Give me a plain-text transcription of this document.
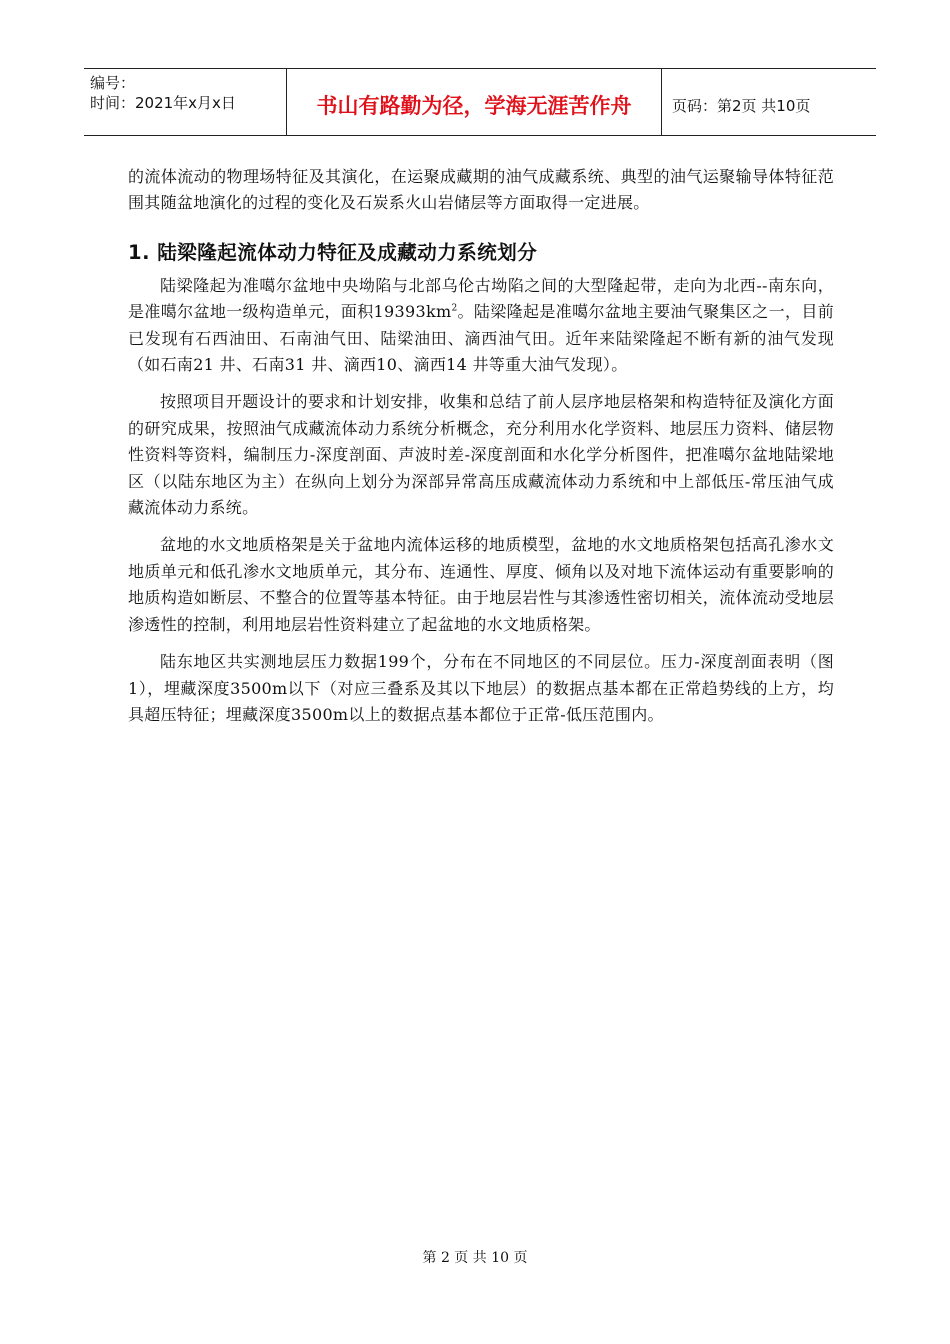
编号：
时间：2021年x月x日	书山有路勤为径，学海无涯苦作舟	页码：第2页 共10页

的流体流动的物理场特征及其演化，在运聚成藏期的油气成藏系统、典型的油气运聚输导体特征范围其随盆地演化的过程的变化及石炭系火山岩储层等方面取得一定进展。

1. 陆梁隆起流体动力特征及成藏动力系统划分

陆梁隆起为准噶尔盆地中央坳陷与北部乌伦古坳陷之间的大型隆起带，走向为北西--南东向，是准噶尔盆地一级构造单元，面积$19393km^2$。陆梁隆起是准噶尔盆地主要油气聚集区之一，目前已发现有石西油田、石南油气田、陆梁油田、滴西油气田。近年来陆梁隆起不断有新的油气发现（如石南21 井、石南31 井、滴西10、滴西14 井等重大油气发现）。

按照项目开题设计的要求和计划安排，收集和总结了前人层序地层格架和构造特征及演化方面的研究成果，按照油气成藏流体动力系统分析概念，充分利用水化学资料、地层压力资料、储层物性资料等资料，编制压力-深度剖面、声波时差-深度剖面和水化学分析图件，把准噶尔盆地陆梁地区（以陆东地区为主）在纵向上划分为深部异常高压成藏流体动力系统和中上部低压-常压油气成藏流体动力系统。

盆地的水文地质格架是关于盆地内流体运移的地质模型，盆地的水文地质格架包括高孔渗水文地质单元和低孔渗水文地质单元，其分布、连通性、厚度、倾角以及对地下流体运动有重要影响的地质构造如断层、不整合的位置等基本特征。由于地层岩性与其渗透性密切相关，流体流动受地层渗透性的控制，利用地层岩性资料建立了起盆地的水文地质格架。

陆东地区共实测地层压力数据199个，分布在不同地区的不同层位。压力-深度剖面表明（图1），埋藏深度3500m以下（对应三叠系及其以下地层）的数据点基本都在正常趋势线的上方，均具超压特征；埋藏深度3500m以上的数据点基本都位于正常-低压范围内。

第 2 页 共 10 页
